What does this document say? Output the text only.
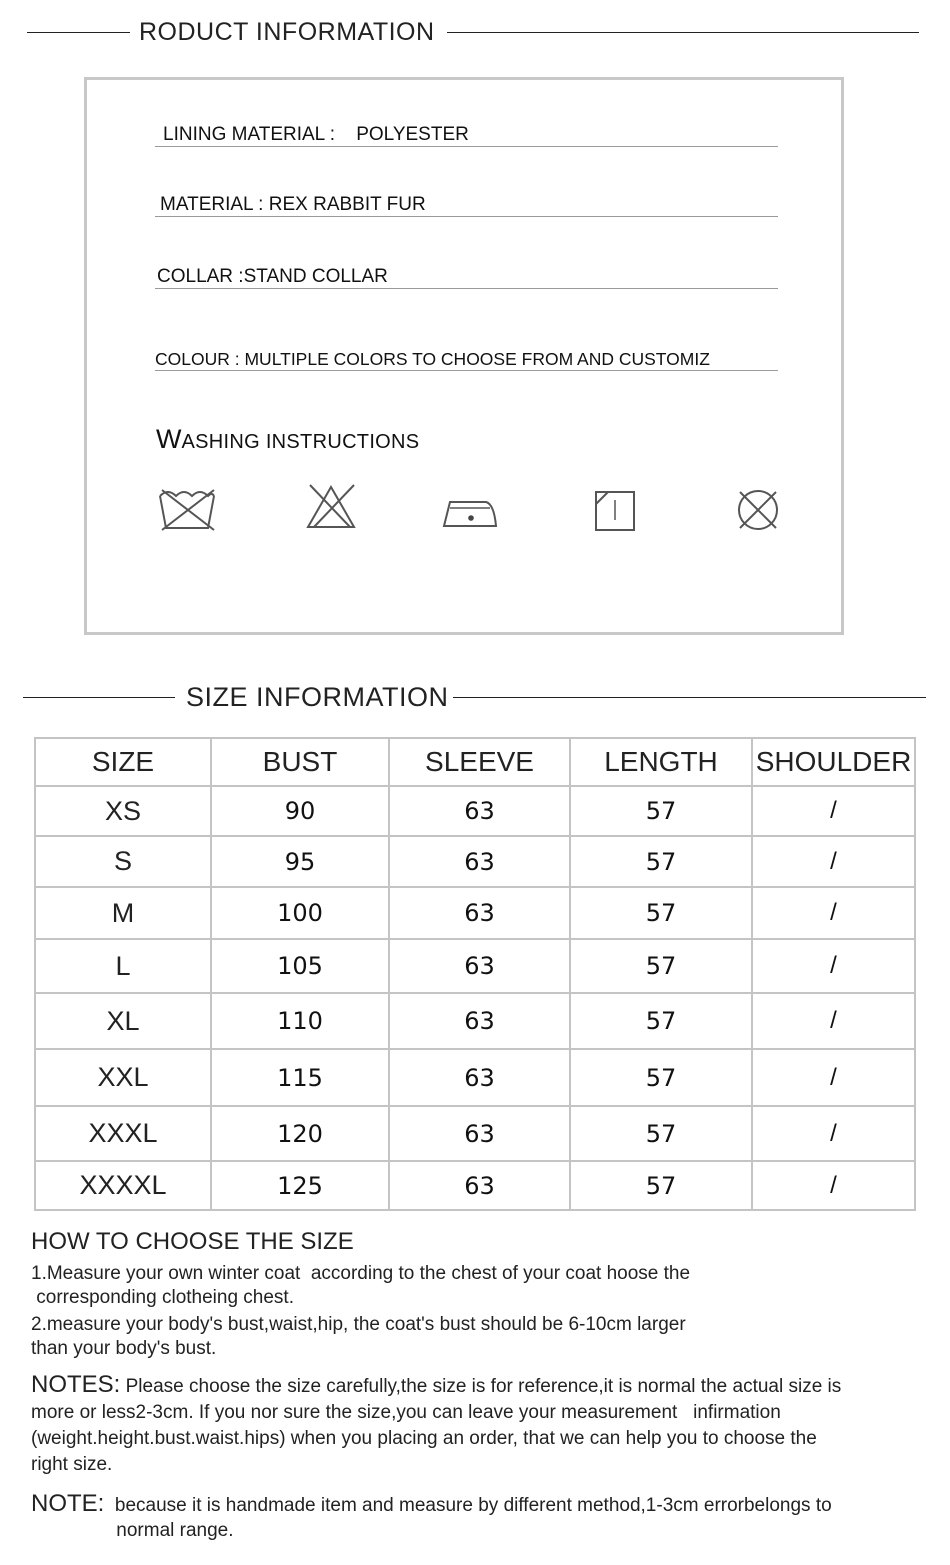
RODUCT INFORMATION
LINING MATERIAL : POLYESTER
MATERIAL : REX RABBIT FUR
COLLAR :STAND COLLAR
COLOUR : MULTIPLE COLORS TO CHOOSE FROM AND CUSTOMIZ
WASHING INSTRUCTIONS
SIZE INFORMATION
SIZE	BUST	SLEEVE	LENGTH	SHOULDER
XS	90	63	57	/
S	95	63	57	/
M	100	63	57	/
L	105	63	57	/
XL	110	63	57	/
XXL	115	63	57	/
XXXL	120	63	57	/
XXXXL	125	63	57	/
HOW TO CHOOSE THE SIZE
1.Measure your own winter coat  according to the chest of your coat hoose the
corresponding clotheing chest.
2.measure your body's bust,waist,hip, the coat's bust should be 6-10cm larger
than your body's bust.
NOTES: Please choose the size carefully,the size is for reference,it is normal the actual size is
more or less2-3cm. If you nor sure the size,you can leave your measurement   infirmation
(weight.height.bust.waist.hips) when you placing an order, that we can help you to choose the
right size.
NOTE: because it is handmade item and measure by different method,1-3cm errorbelongs to
normal range.
